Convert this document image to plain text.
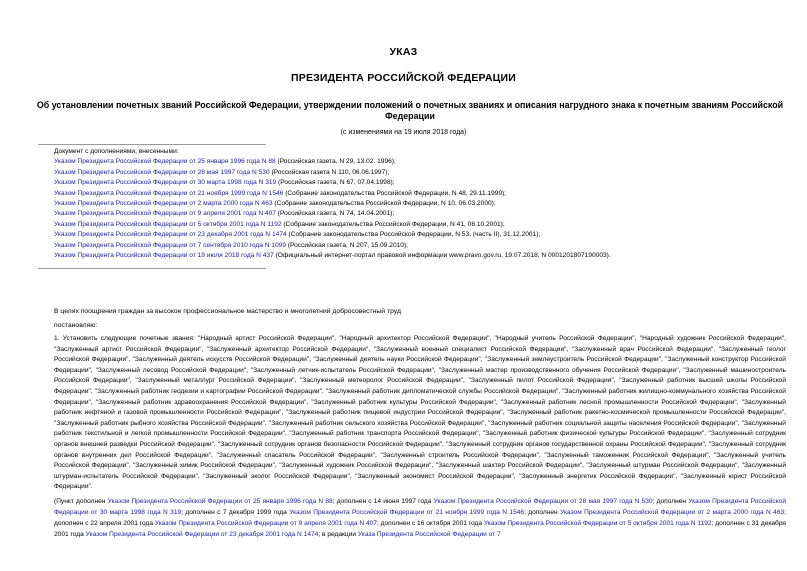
УКАЗ
ПРЕЗИДЕНТА РОССИЙСКОЙ ФЕДЕРАЦИИ
Об установлении почетных званий Российской Федерации, утверждении положений о почетных званиях и описания нагрудного знака к почетным званиям Российской Федерации
(с изменениями на 19 июля 2018 года)
Документ с дополнениями, внесенными:
Указом Президента Российской Федерации от 25 января 1996 года N 88 (Российская газета, N 29, 13.02. 1996);
Указом Президента Российской Федерации от 28 мая 1997 года N 530 (Российская газета N 110, 06.06.1997);
Указом Президента Российской Федерации от 30 марта 1998 года N 319 (Российская газета, N 67, 07.04.1998);
Указом Президента Российской Федерации от 21 ноября 1999 года N 1546 (Собрание законодательства Российской Федерации, N 48, 29.11.1999);
Указом Президента Российской Федерации от 2 марта 2000 года N 463 (Собрание законодательства Российской Федерации, N 10, 06.03.2000);
Указом Президента Российской Федерации от 9 апреля 2001 года N 407 (Российская газета, N 74, 14.04.2001);
Указом Президента Российской Федерации от 5 октября 2001 года N 1192 (Собрание законодательства Российской Федерации, N 41, 08.10.2001);
Указом Президента Российской Федерации от 23 декабря 2001 года N 1474 (Собрание законодательства Российской Федерации, N 53, (часть II), 31.12.2001);
Указом Президента Российской Федерации от 7 сентября 2010 года N 1099 (Российская газета, N 207, 15.09.2010);
Указом Президента Российской Федерации от 19 июля 2018 года N 437 (Официальный интернет-портал правовой информации www.pravo.gov.ru, 19.07.2018, N 0001201807190003).
В целях поощрения граждан за высокое профессиональное мастерство и многолетний добросовестный труд
постановляю:
1. Установить следующие почетные звания: "Народный артист Российской Федерации", "Народный архитектор Российской Федерации", "Народный учитель Российской Федерации", "Народный художник Российской Федерации", "Заслуженный артист Российской Федерации", "Заслуженный архитектор Российской Федерации", "Заслуженный военный специалист Российской Федерации", "Заслуженный врач Российской Федерации", "Заслуженный геолог Российской Федерации", "Заслуженный деятель искусств Российской Федерации", "Заслуженный деятель науки Российской Федерации", "Заслуженный землеустроитель Российской Федерации", "Заслуженный конструктор Российской Федерации", "Заслуженный лесовод Российской Федерации", "Заслуженный летчик-испытатель Российской Федерации", "Заслуженный мастер производственного обучения Российской Федерации", "Заслуженный машиностроитель Российской Федерации", "Заслуженный металлург Российской Федерации", "Заслуженный метеоролог Российской Федерации", "Заслуженный пилот Российской Федерации", "Заслуженный работник высшей школы Российской Федерации", "Заслуженный работник геодезии и картографии Российской Федерации", "Заслуженный работник дипломатической службы Российской Федерации", "Заслуженный работник жилищно-коммунального хозяйства Российской Федерации", "Заслуженный работник здравоохранения Российской Федерации", "Заслуженный работник культуры Российской Федерации", "Заслуженный работник лесной промышленности Российской Федерации", "Заслуженный работник нефтяной и газовой промышленности Российской Федерации", "Заслуженный работник пищевой индустрии Российской Федерации", "Заслуженный работник ракетно-космической промышленности Российской Федерации", "Заслуженный работник рыбного хозяйства Российской Федерации", "Заслуженный работник сельского хозяйства Российской Федерации", "Заслуженный работник социальной защиты населения Российской Федерации", "Заслуженный работник текстильной и легкой промышленности Российской Федерации", "Заслуженный работник транспорта Российской Федерации", "Заслуженный работник физической культуры Российской Федерации", "Заслуженный сотрудник органов внешней разведки Российской Федерации", "Заслуженный сотрудник органов безопасности Российской Федерации", "Заслуженный сотрудник органов государственной охраны Российской Федерации", "Заслуженный сотрудник органов внутренних дел Российской Федерации", "Заслуженный спасатель Российской Федерации", "Заслуженный строитель Российской Федерации", "Заслуженный таможенник Российской Федерации", "Заслуженный учитель Российской Федерации", "Заслуженный химик Российской Федерации", "Заслуженный художник Российской Федерации", "Заслуженный шахтер Российской Федерации", "Заслуженный штурман Российской Федерации", "Заслуженный штурман-испытатель Российской Федерации", "Заслуженный эколог Российской Федерации", "Заслуженный экономист Российской Федерации", "Заслуженный энергетик Российской Федерации", "Заслуженный юрист Российской Федерации".
(Пункт дополнен Указом Президента Российской Федерации от 25 января 1996 года N 88; дополнен с 14 июня 1997 года Указом Президента Российской Федерации от 28 мая 1997 года N 530; дополнен Указом Президента Российской Федерации от 30 марта 1998 года N 319; дополнен с 7 декабря 1999 года Указом Президента Российской Федерации от 21 ноября 1999 года N 1546; дополнен Указом Президента Российской Федерации от 2 марта 2000 года N 463; дополнен с 22 апреля 2001 года Указом Президента Российской Федерации от 9 апреля 2001 года N 407; дополнен с 16 октября 2001 года Указом Президента Российской Федерации от 5 октября 2001 года N 1192; дополнен с 31 декабря 2001 года Указом Президента Российской Федерации от 23 декабря 2001 года N 1474; в редакции Указа Президента Российской Федерации от 7
